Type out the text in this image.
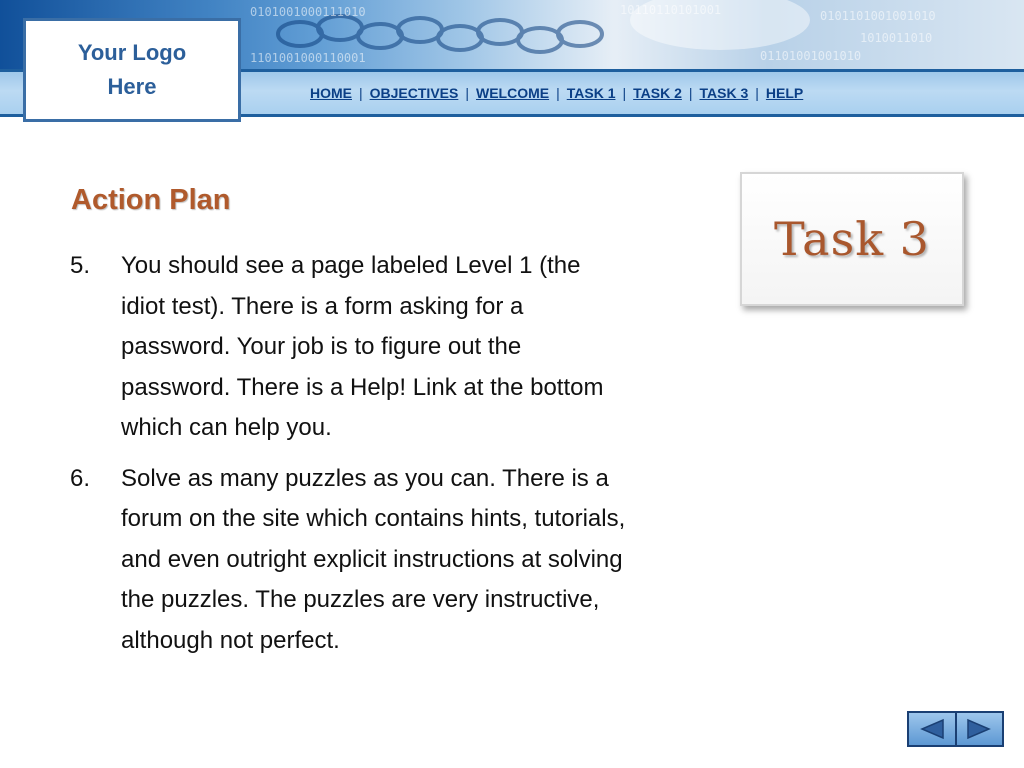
0101001000111010
1101001000110001
10110110101001	0101101001001010
1010011010
01101001001010
HOME | OBJECTIVES | WELCOME | TASK 1 | TASK 2 | TASK 3 | HELP
Your Logo
Here
Action Plan
5.	You should see a page labeled Level 1 (the idiot test). There is a form asking for a password. Your job is to figure out the password. There is a Help! Link at the bottom which can help you.
6.	Solve as many puzzles as you can. There is a forum on the site which contains hints, tutorials, and even outright explicit instructions at solving the puzzles. The puzzles are very instructive, although not perfect.
Task 3
